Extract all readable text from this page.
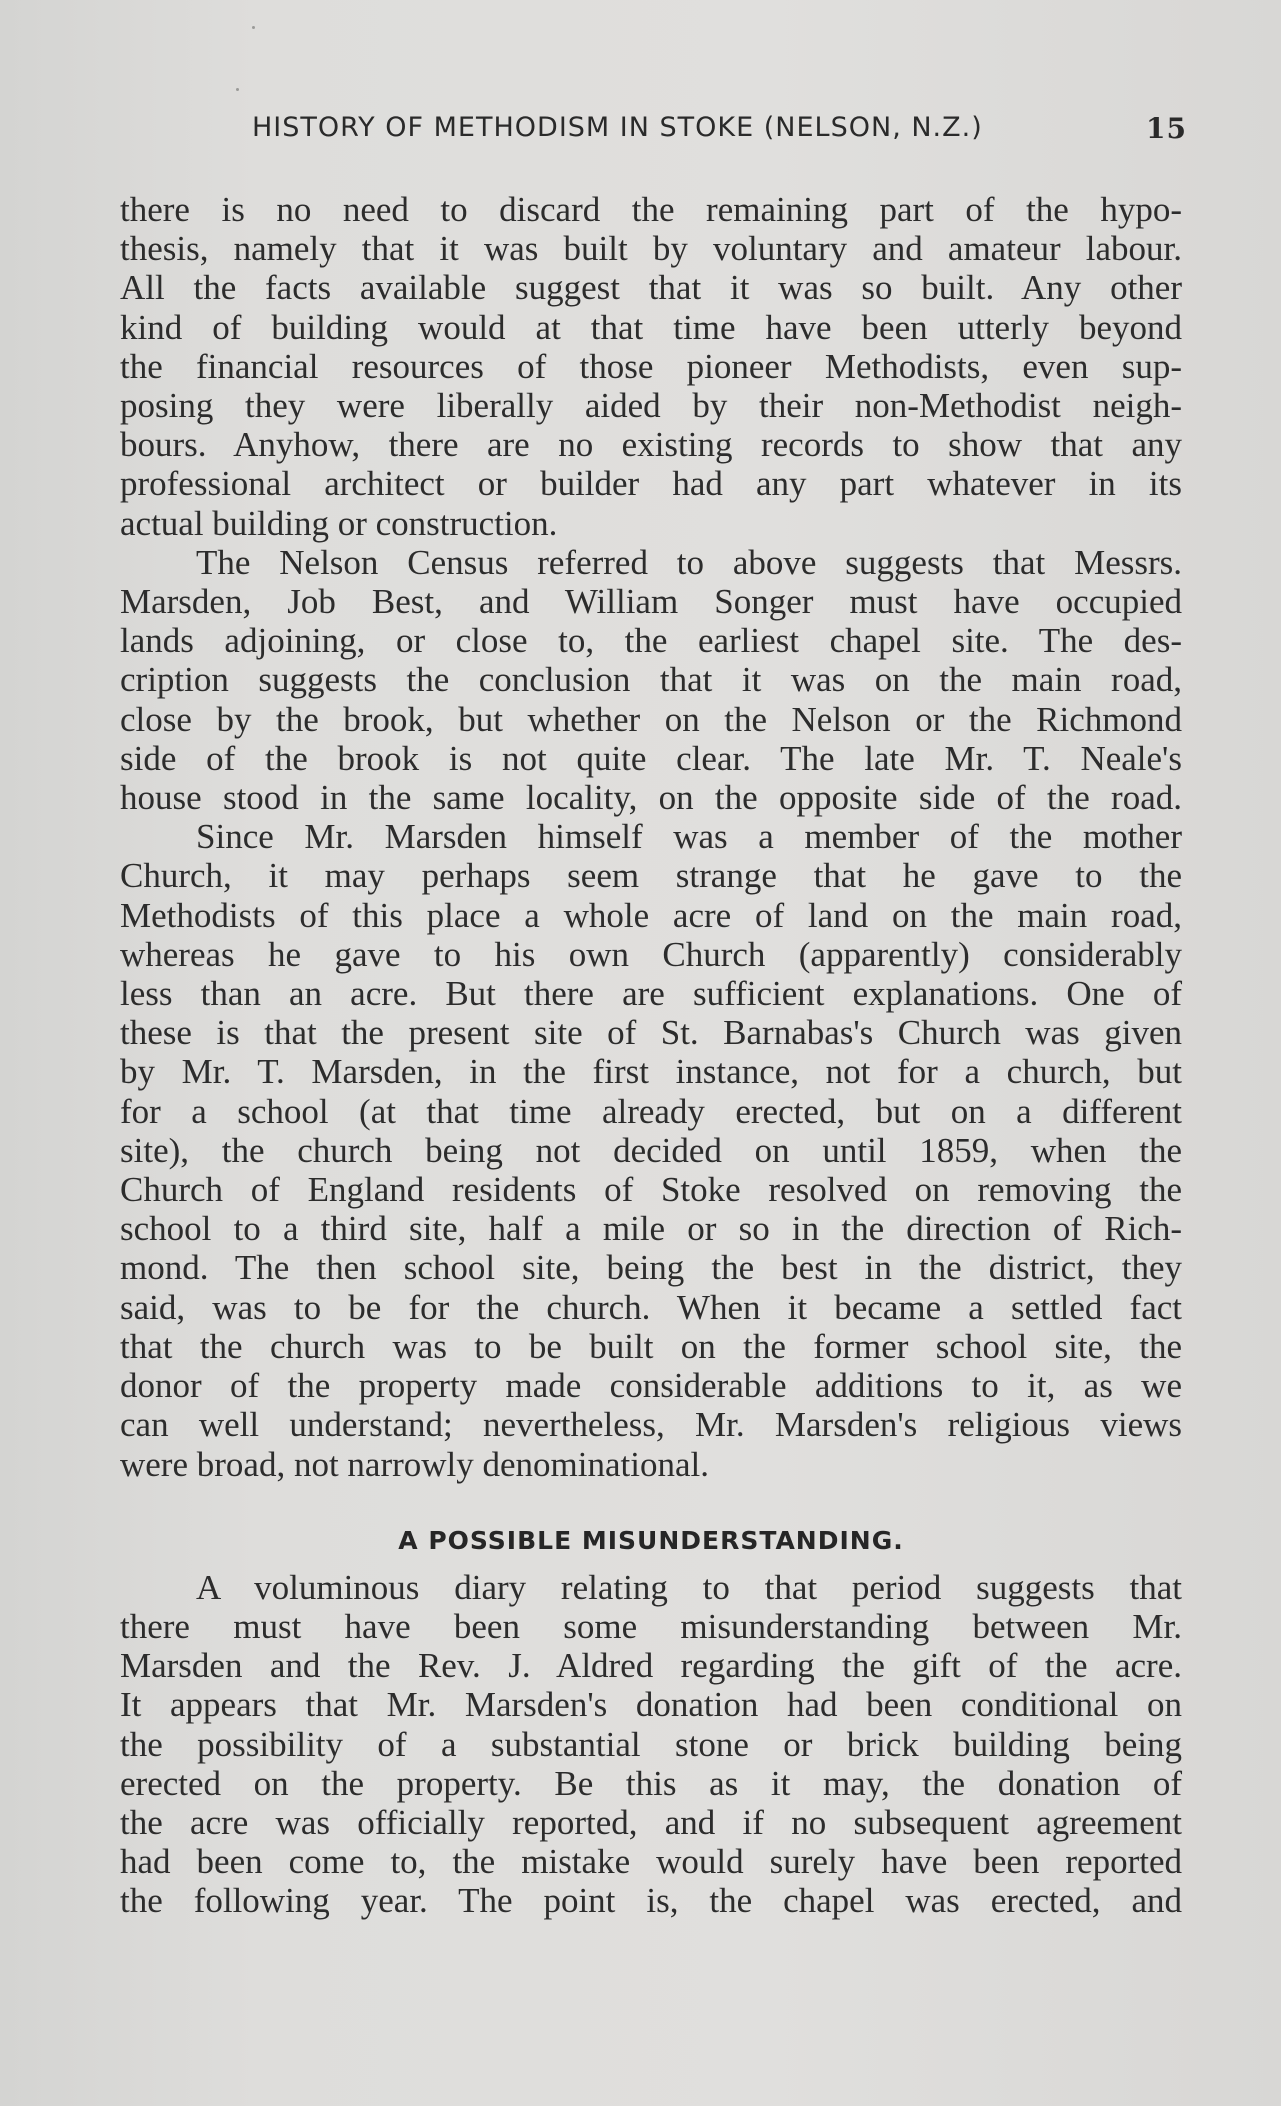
HISTORY OF METHODISM IN STOKE (NELSON, N.Z.)	15

there is no need to discard the remaining part of the hypo-
thesis, namely that it was built by voluntary and amateur labour.
All the facts available suggest that it was so built. Any other
kind of building would at that time have been utterly beyond
the financial resources of those pioneer Methodists, even sup-
posing they were liberally aided by their non-Methodist neigh-
bours. Anyhow, there are no existing records to show that any
professional architect or builder had any part whatever in its
actual building or construction.

The Nelson Census referred to above suggests that Messrs.
Marsden, Job Best, and William Songer must have occupied
lands adjoining, or close to, the earliest chapel site. The des-
cription suggests the conclusion that it was on the main road,
close by the brook, but whether on the Nelson or the Richmond
side of the brook is not quite clear. The late Mr. T. Neale's
house stood in the same locality, on the opposite side of the road.

Since Mr. Marsden himself was a member of the mother
Church, it may perhaps seem strange that he gave to the
Methodists of this place a whole acre of land on the main road,
whereas he gave to his own Church (apparently) considerably
less than an acre. But there are sufficient explanations. One of
these is that the present site of St. Barnabas's Church was given
by Mr. T. Marsden, in the first instance, not for a church, but
for a school (at that time already erected, but on a different
site), the church being not decided on until 1859, when the
Church of England residents of Stoke resolved on removing the
school to a third site, half a mile or so in the direction of Rich-
mond. The then school site, being the best in the district, they
said, was to be for the church. When it became a settled fact
that the church was to be built on the former school site, the
donor of the property made considerable additions to it, as we
can well understand; nevertheless, Mr. Marsden's religious views
were broad, not narrowly denominational.

A POSSIBLE MISUNDERSTANDING.

A voluminous diary relating to that period suggests that
there must have been some misunderstanding between Mr.
Marsden and the Rev. J. Aldred regarding the gift of the acre.
It appears that Mr. Marsden's donation had been conditional on
the possibility of a substantial stone or brick building being
erected on the property. Be this as it may, the donation of
the acre was officially reported, and if no subsequent agreement
had been come to, the mistake would surely have been reported
the following year. The point is, the chapel was erected, and
